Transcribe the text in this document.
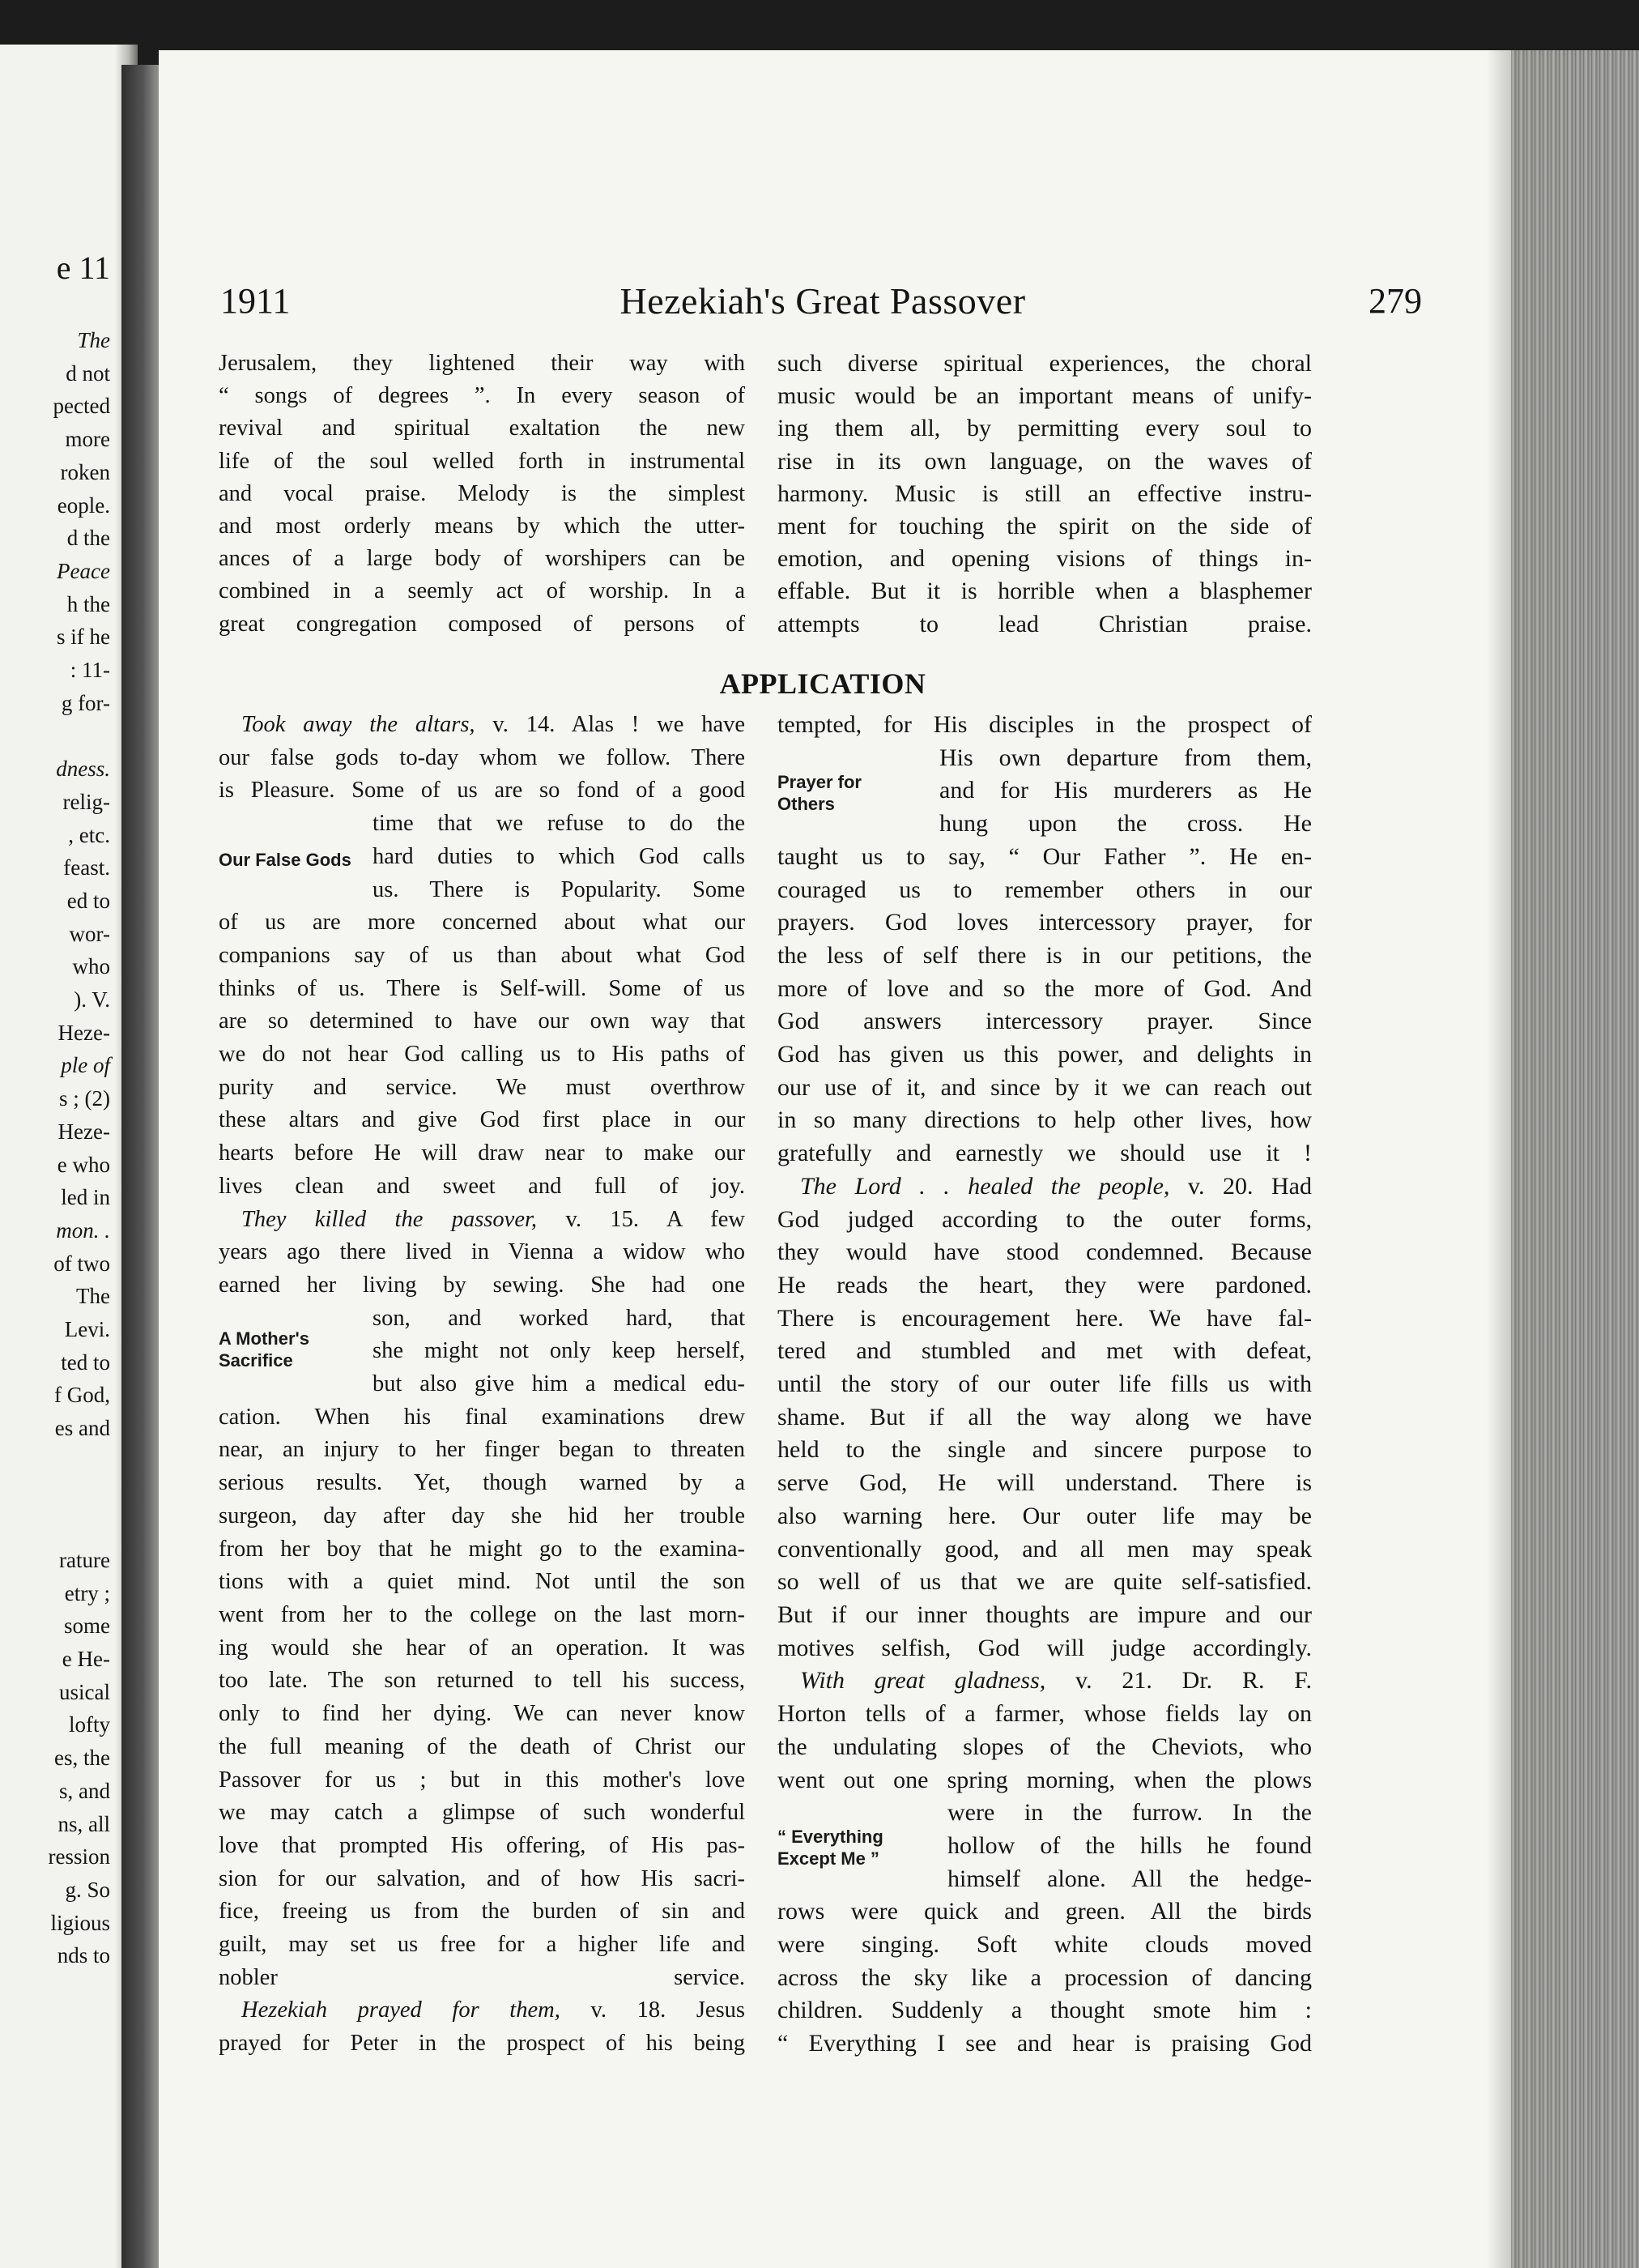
e 11

The

d not

pected

more

roken

eople.

d the

Peace

h the

s if he

: 11-

g for-

dness.

relig-

, etc.

feast.

ed to

wor-

who

). V.

Heze-

ple of

s ; (2)

Heze-

e who

led in

mon. .

of two

The

Levi.

ted to

f God,

es and

rature

etry ;

some

e He-

usical

lofty

es, the

s, and

ns, all

ression

g. So

ligious

nds to

1911	Hezekiah's Great Passover	279

Jerusalem, they lightened their way with
“ songs of degrees ”. In every season of
revival and spiritual exaltation the new
life of the soul welled forth in instrumental
and vocal praise. Melody is the simplest
and most orderly means by which the utter-
ances of a large body of worshipers can be
combined in a seemly act of worship. In a
great congregation composed of persons of
such diverse spiritual experiences, the choral
music would be an important means of unify-
ing them all, by permitting every soul to
rise in its own language, on the waves of
harmony. Music is still an effective instru-
ment for touching the spirit on the side of
emotion, and opening visions of things in-
effable. But it is horrible when a blasphemer
attempts to lead Christian praise.

APPLICATION

Took away the altars, v. 14. Alas ! we have
our false gods to-day whom we follow. There
is Pleasure. Some of us are so fond of a good
time that we refuse to do the
hard duties to which God calls
us. There is Popularity. Some
of us are more concerned about what our
companions say of us than about what God
thinks of us. There is Self-will. Some of us
are so determined to have our own way that
we do not hear God calling us to His paths of
purity and service. We must overthrow
these altars and give God first place in our
hearts before He will draw near to make our
lives clean and sweet and full of joy.
They killed the passover, v. 15. A few
years ago there lived in Vienna a widow who
earned her living by sewing. She had one
son, and worked hard, that
she might not only keep herself,
but also give him a medical edu-
cation. When his final examinations drew
near, an injury to her finger began to threaten
serious results. Yet, though warned by a
surgeon, day after day she hid her trouble
from her boy that he might go to the examina-
tions with a quiet mind. Not until the son
went from her to the college on the last morn-
ing would she hear of an operation. It was
too late. The son returned to tell his success,
only to find her dying. We can never know
the full meaning of the death of Christ our
Passover for us ; but in this mother's love
we may catch a glimpse of such wonderful
love that prompted His offering, of His pas-
sion for our salvation, and of how His sacri-
fice, freeing us from the burden of sin and
guilt, may set us free for a higher life and
nobler service.
Hezekiah prayed for them, v. 18. Jesus
prayed for Peter in the prospect of his being

Our False Gods

A Mother's

Sacrifice

tempted, for His disciples in the prospect of
His own departure from them,
and for His murderers as He
hung upon the cross. He
taught us to say, “ Our Father ”. He en-
couraged us to remember others in our
prayers. God loves intercessory prayer, for
the less of self there is in our petitions, the
more of love and so the more of God. And
God answers intercessory prayer. Since
God has given us this power, and delights in
our use of it, and since by it we can reach out
in so many directions to help other lives, how
gratefully and earnestly we should use it !
The Lord . . healed the people, v. 20. Had
God judged according to the outer forms,
they would have stood condemned. Because
He reads the heart, they were pardoned.
There is encouragement here. We have fal-
tered and stumbled and met with defeat,
until the story of our outer life fills us with
shame. But if all the way along we have
held to the single and sincere purpose to
serve God, He will understand. There is
also warning here. Our outer life may be
conventionally good, and all men may speak
so well of us that we are quite self-satisfied.
But if our inner thoughts are impure and our
motives selfish, God will judge accordingly.
With great gladness, v. 21. Dr. R. F.
Horton tells of a farmer, whose fields lay on
the undulating slopes of the Cheviots, who
went out one spring morning, when the plows
were in the furrow. In the
hollow of the hills he found
himself alone. All the hedge-
rows were quick and green. All the birds
were singing. Soft white clouds moved
across the sky like a procession of dancing
children. Suddenly a thought smote him :
“ Everything I see and hear is praising God

Prayer for

Others

“ Everything

Except Me ”
